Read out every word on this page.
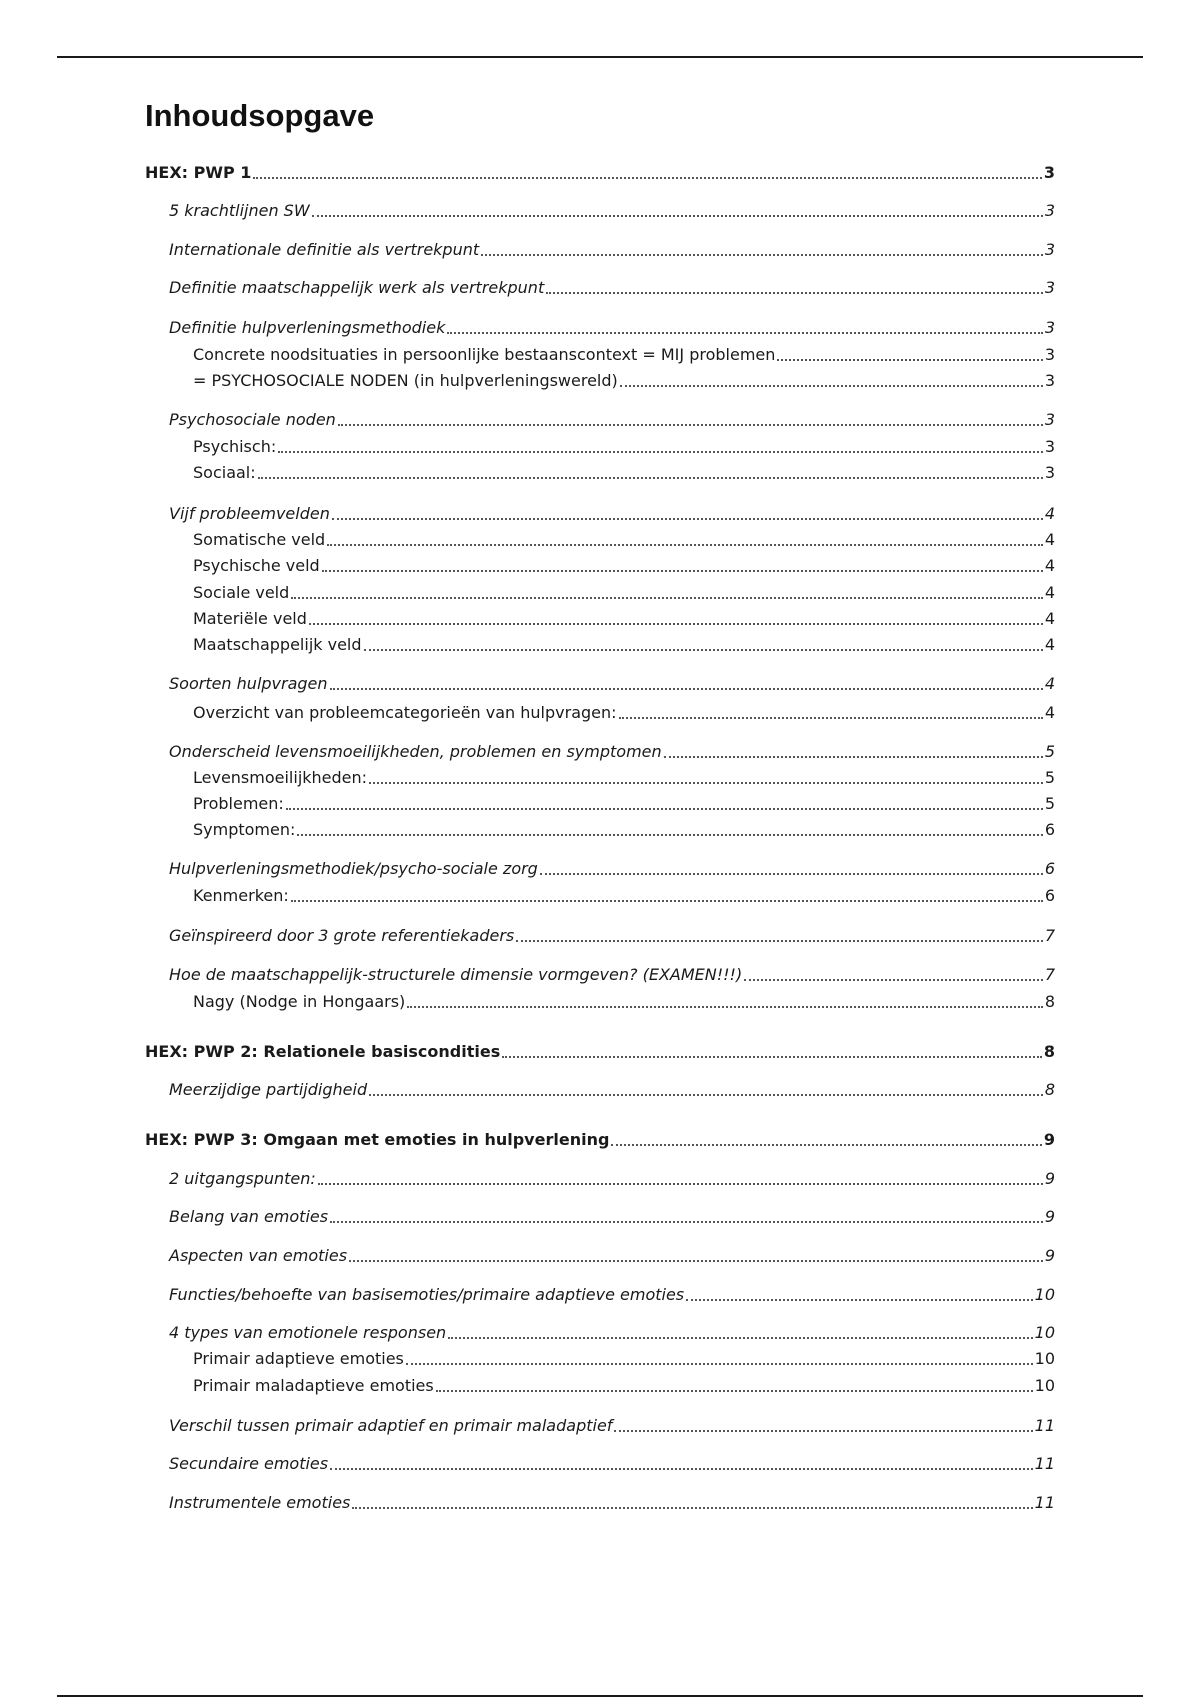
Inhoudsopgave
HEX: PWP 1	3
5 krachtlijnen SW	3
Internationale definitie als vertrekpunt	3
Definitie maatschappelijk werk als vertrekpunt	3
Definitie hulpverleningsmethodiek	3
Concrete noodsituaties in persoonlijke bestaanscontext = MIJ problemen	3
= PSYCHOSOCIALE NODEN (in hulpverleningswereld)	3
Psychosociale noden	3
Psychisch:	3
Sociaal:	3
Vijf probleemvelden	4
Somatische veld	4
Psychische veld	4
Sociale veld	4
Materiële veld	4
Maatschappelijk veld	4
Soorten hulpvragen	4
Overzicht van probleemcategorieën van hulpvragen:	4
Onderscheid levensmoeilijkheden, problemen en symptomen	5
Levensmoeilijkheden:	5
Problemen:	5
Symptomen:	6
Hulpverleningsmethodiek/psycho-sociale zorg	6
Kenmerken:	6
Geïnspireerd door 3 grote referentiekaders	7
Hoe de maatschappelijk-structurele dimensie vormgeven? (EXAMEN!!!)	7
Nagy (Nodge in Hongaars)	8
HEX: PWP 2: Relationele basiscondities	8
Meerzijdige partijdigheid	8
HEX: PWP 3: Omgaan met emoties in hulpverlening	9
2 uitgangspunten:	9
Belang van emoties	9
Aspecten van emoties	9
Functies/behoefte van basisemoties/primaire adaptieve emoties	10
4 types van emotionele responsen	10
Primair adaptieve emoties	10
Primair maladaptieve emoties	10
Verschil tussen primair adaptief en primair maladaptief	11
Secundaire emoties	11
Instrumentele emoties	11
